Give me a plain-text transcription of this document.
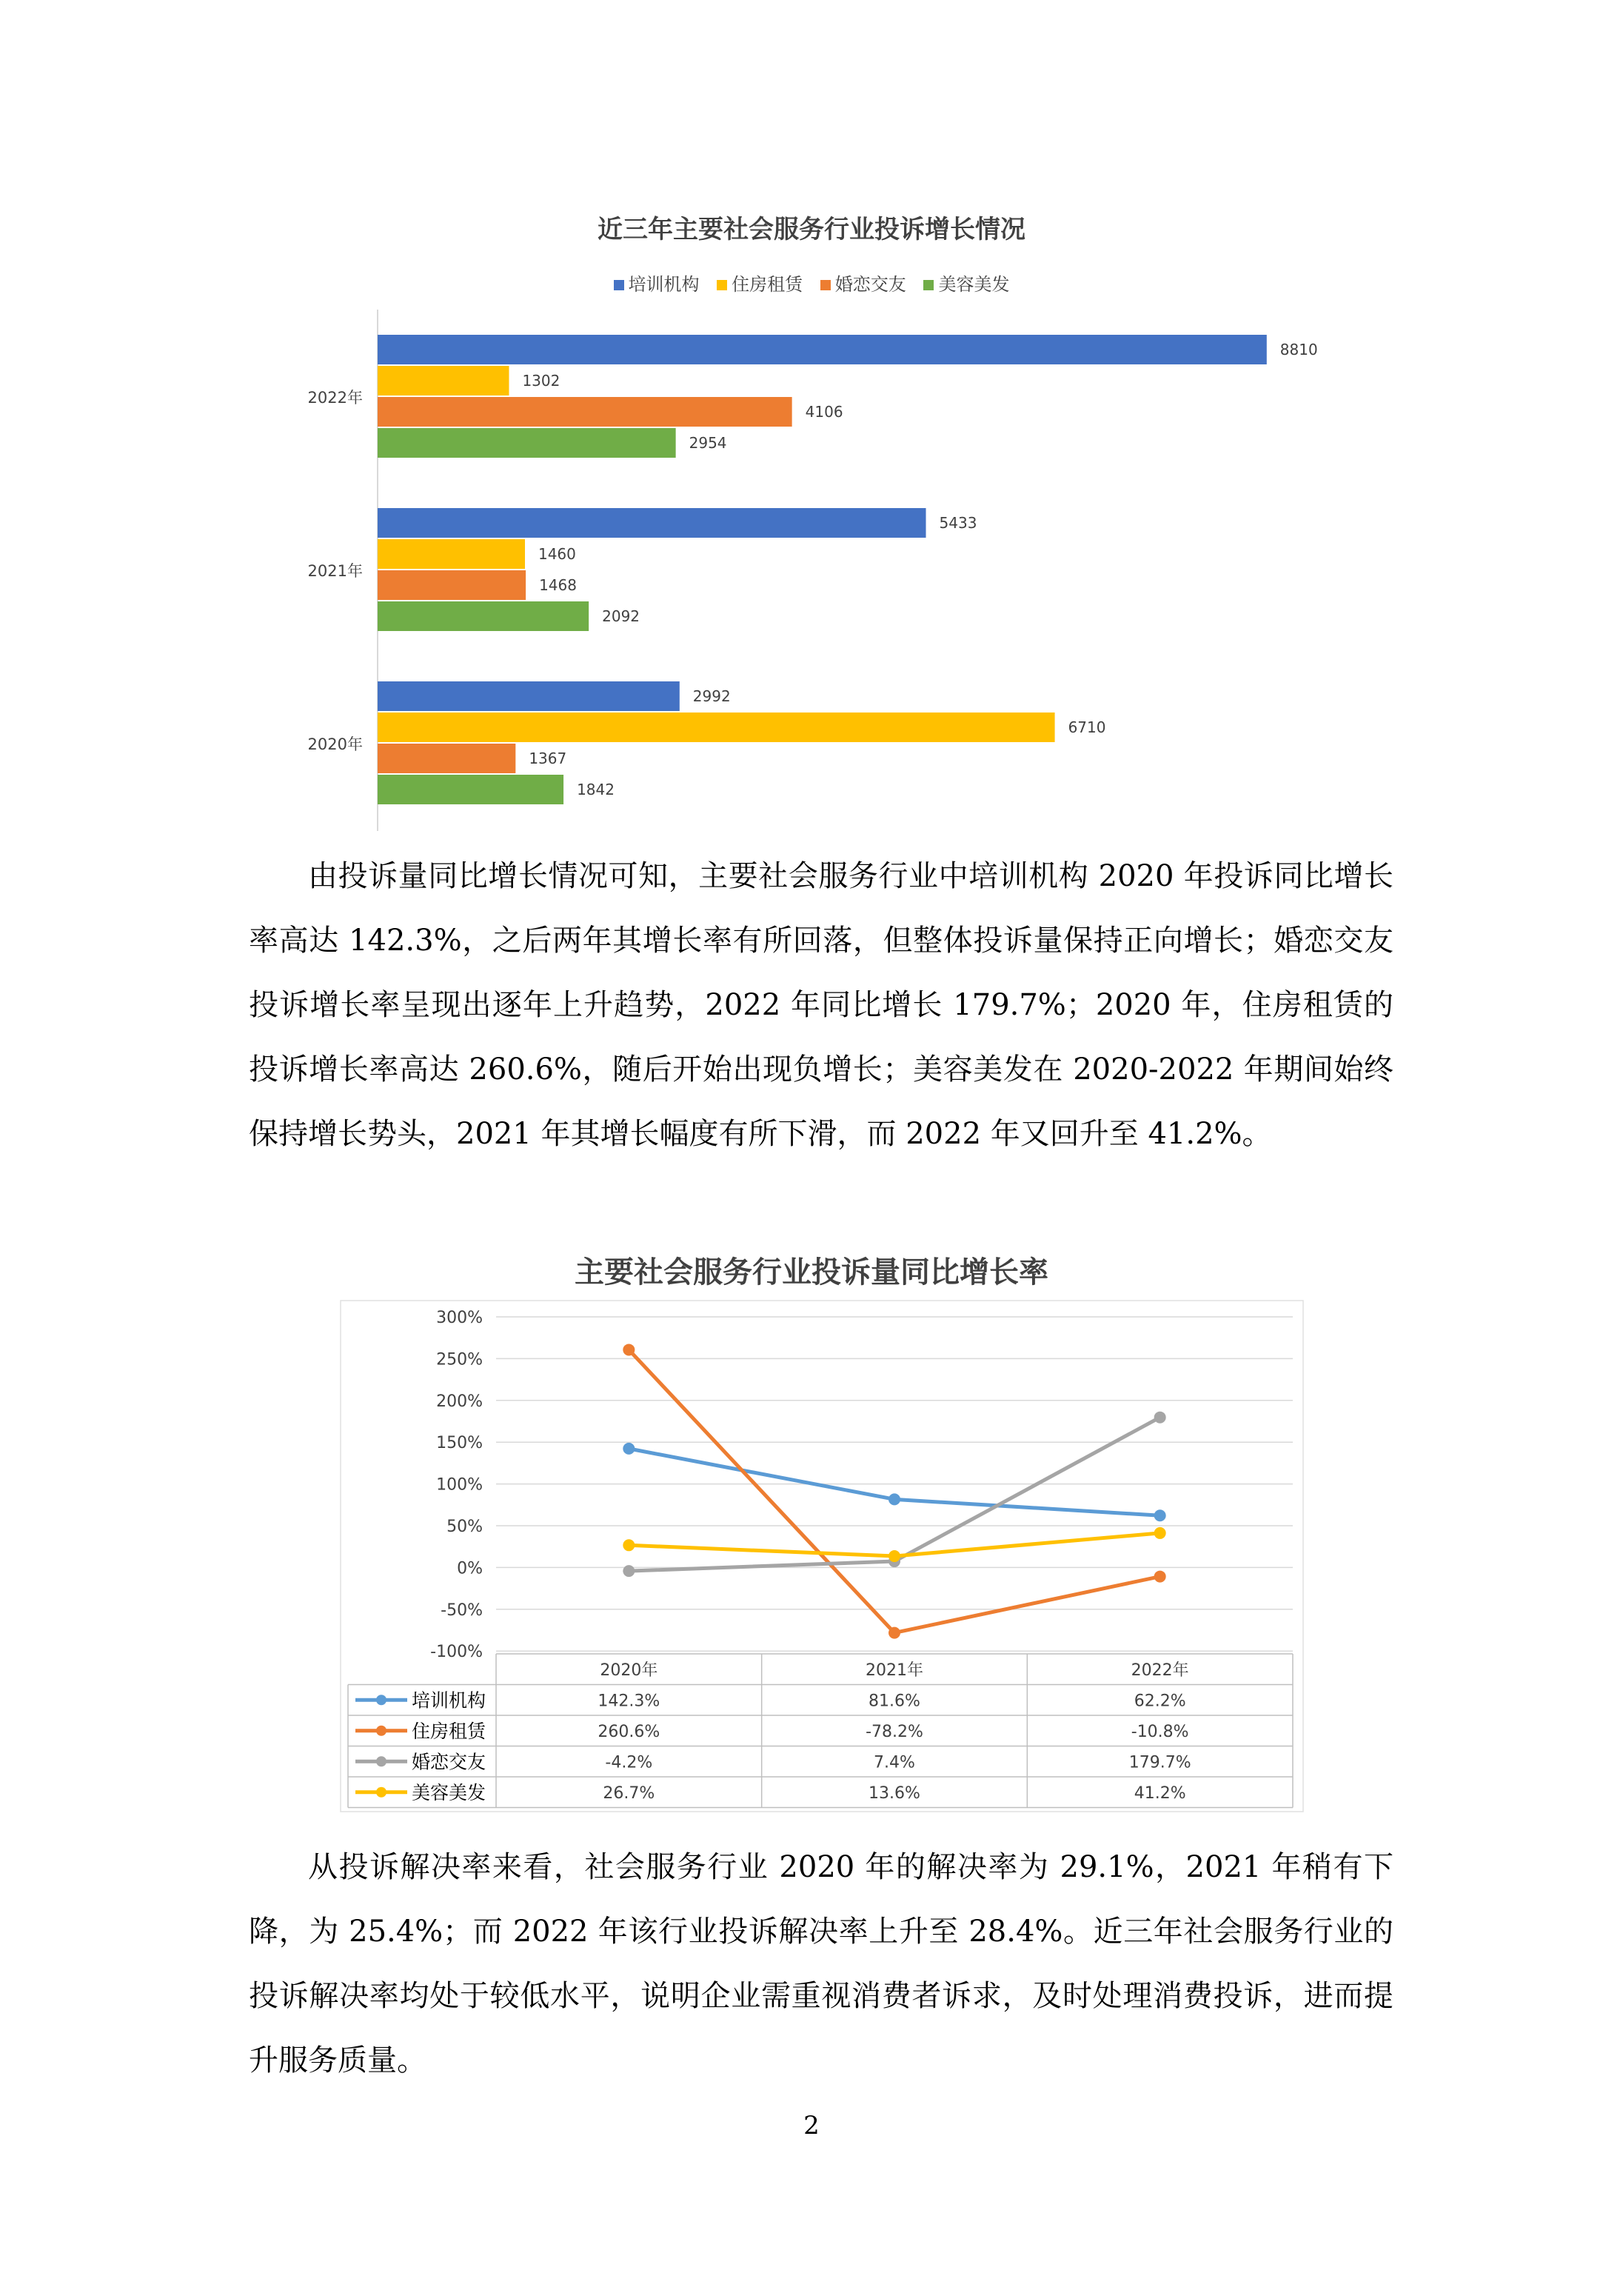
近三年主要社会服务行业投诉增长情况
培训机构 住房租赁 婚恋交友 美容美发
2022年
8810
1302
4106
2954
2021年
5433
1460
1468
2092
2020年
2992
6710
1367
1842

由投诉量同比增长情况可知，主要社会服务行业中培训机构 2020 年投诉同比增长率高达 142.3%，之后两年其增长率有所回落，但整体投诉量保持正向增长；婚恋交友投诉增长率呈现出逐年上升趋势，2022 年同比增长 179.7%；2020 年，住房租赁的投诉增长率高达 260.6%，随后开始出现负增长；美容美发在 2020-2022 年期间始终保持增长势头，2021 年其增长幅度有所下滑，而 2022 年又回升至 41.2%。

主要社会服务行业投诉量同比增长率
300%
250%
200%
150%
100%
50%
0%
-50%
-100%
2020年	2021年	2022年
培训机构	142.3%	81.6%	62.2%
住房租赁	260.6%	-78.2%	-10.8%
婚恋交友	-4.2%	7.4%	179.7%
美容美发	26.7%	13.6%	41.2%

从投诉解决率来看，社会服务行业 2020 年的解决率为 29.1%，2021 年稍有下降，为 25.4%；而 2022 年该行业投诉解决率上升至 28.4%。近三年社会服务行业的投诉解决率均处于较低水平，说明企业需重视消费者诉求，及时处理消费投诉，进而提升服务质量。

2
